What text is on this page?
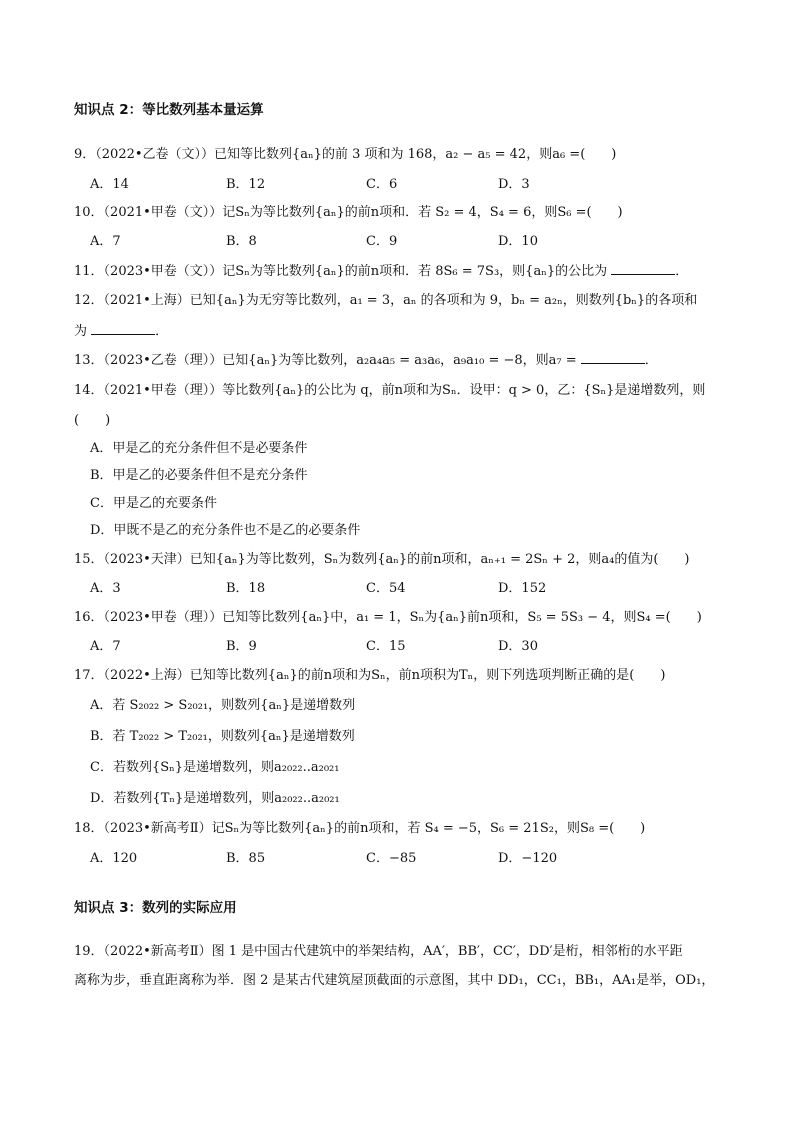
知识点 2：等比数列基本量运算
9．（2022•乙卷（文））已知等比数列{aₙ}的前 3 项和为 168，a₂ − a₅ = 42，则a₆ =(　　)
A．14	B．12	C．6	D．3
10．（2021•甲卷（文））记Sₙ为等比数列{aₙ}的前n项和．若 S₂ = 4，S₄ = 6，则S₆ =(　　)
A．7	B．8	C．9	D．10
11．（2023•甲卷（文））记Sₙ为等比数列{aₙ}的前n项和．若 8S₆ = 7S₃，则{aₙ}的公比为	．
12．（2021•上海）已知{aₙ}为无穷等比数列，a₁ = 3，aₙ 的各项和为 9，bₙ = a₂ₙ，则数列{bₙ}的各项和
为	．
13．（2023•乙卷（理））已知{aₙ}为等比数列，a₂a₄a₅ = a₃a₆，a₉a₁₀ = −8，则a₇ =	．
14．（2021•甲卷（理））等比数列{aₙ}的公比为 q，前n项和为Sₙ．设甲：q > 0，乙：{Sₙ}是递增数列，则
(　　)
A．甲是乙的充分条件但不是必要条件
B．甲是乙的必要条件但不是充分条件
C．甲是乙的充要条件
D．甲既不是乙的充分条件也不是乙的必要条件
15．（2023•天津）已知{aₙ}为等比数列，Sₙ为数列{aₙ}的前n项和，aₙ₊₁ = 2Sₙ + 2，则a₄的值为(　　)
A．3	B．18	C．54	D．152
16．（2023•甲卷（理））已知等比数列{aₙ}中，a₁ = 1，Sₙ为{aₙ}前n项和，S₅ = 5S₃ − 4，则S₄ =(　　)
A．7	B．9	C．15	D．30
17．（2022•上海）已知等比数列{aₙ}的前n项和为Sₙ，前n项积为Tₙ，则下列选项判断正确的是(　　)
A．若 S₂₀₂₂ > S₂₀₂₁，则数列{aₙ}是递增数列
B．若 T₂₀₂₂ > T₂₀₂₁，则数列{aₙ}是递增数列
C．若数列{Sₙ}是递增数列，则a₂₀₂₂..a₂₀₂₁
D．若数列{Tₙ}是递增数列，则a₂₀₂₂..a₂₀₂₁
18．（2023•新高考Ⅱ）记Sₙ为等比数列{aₙ}的前n项和，若 S₄ = −5，S₆ = 21S₂，则S₈ =(　　)
A．120	B．85	C．−85	D．−120
知识点 3：数列的实际应用
19．（2022•新高考Ⅱ）图 1 是中国古代建筑中的举架结构，AA′，BB′，CC′，DD′是桁，相邻桁的水平距
离称为步，垂直距离称为举．图 2 是某古代建筑屋顶截面的示意图，其中 DD₁，CC₁，BB₁，AA₁是举，OD₁，
